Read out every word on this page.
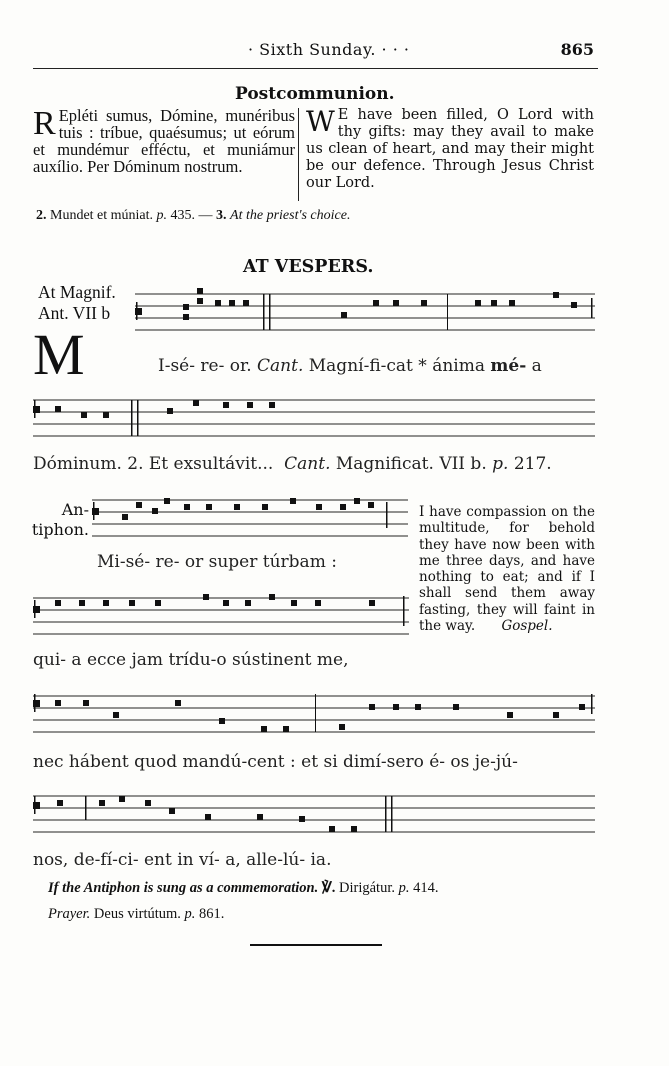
· Sixth Sunday. · · ·	865
Postcommunion.
R Epléti sumus, Dómine, munéribus tuis : tríbue, quaésumus; ut eórum et mundémur efféctu, et muniámur auxílio. Per Dóminum nostrum.
W E have been filled, O Lord with thy gifts: may they avail to make us clean of heart, and may their might be our defence. Through Jesus Christ our Lord.
2. Mundet et múniat. p. 435. — 3. At the priest's choice.
AT VESPERS.
At Magnif.
Ant. VII b
M	I-sé- re- or. Cant. Magní-fi-cat * ánima mé- a
Dóminum. 2. Et exsultávit... Cant. Magnificat. VII b. p. 217.
An-
tiphon.
Mi-sé- re- or super túrbam :
qui- a ecce jam trídu-o sústinent me,
I have compassion on the multitude, for behold they have now been with me three days, and have nothing to eat; and if I shall send them away fasting, they will faint in the way. Gospel.
nec hábent quod mandú-cent : et si dimí-sero é- os je-jú-
nos, de-fí-ci- ent in ví- a, alle-lú- ia.
If the Antiphon is sung as a commemoration. ℣. Dirigátur. p. 414.
Prayer. Deus virtútum. p. 861.
